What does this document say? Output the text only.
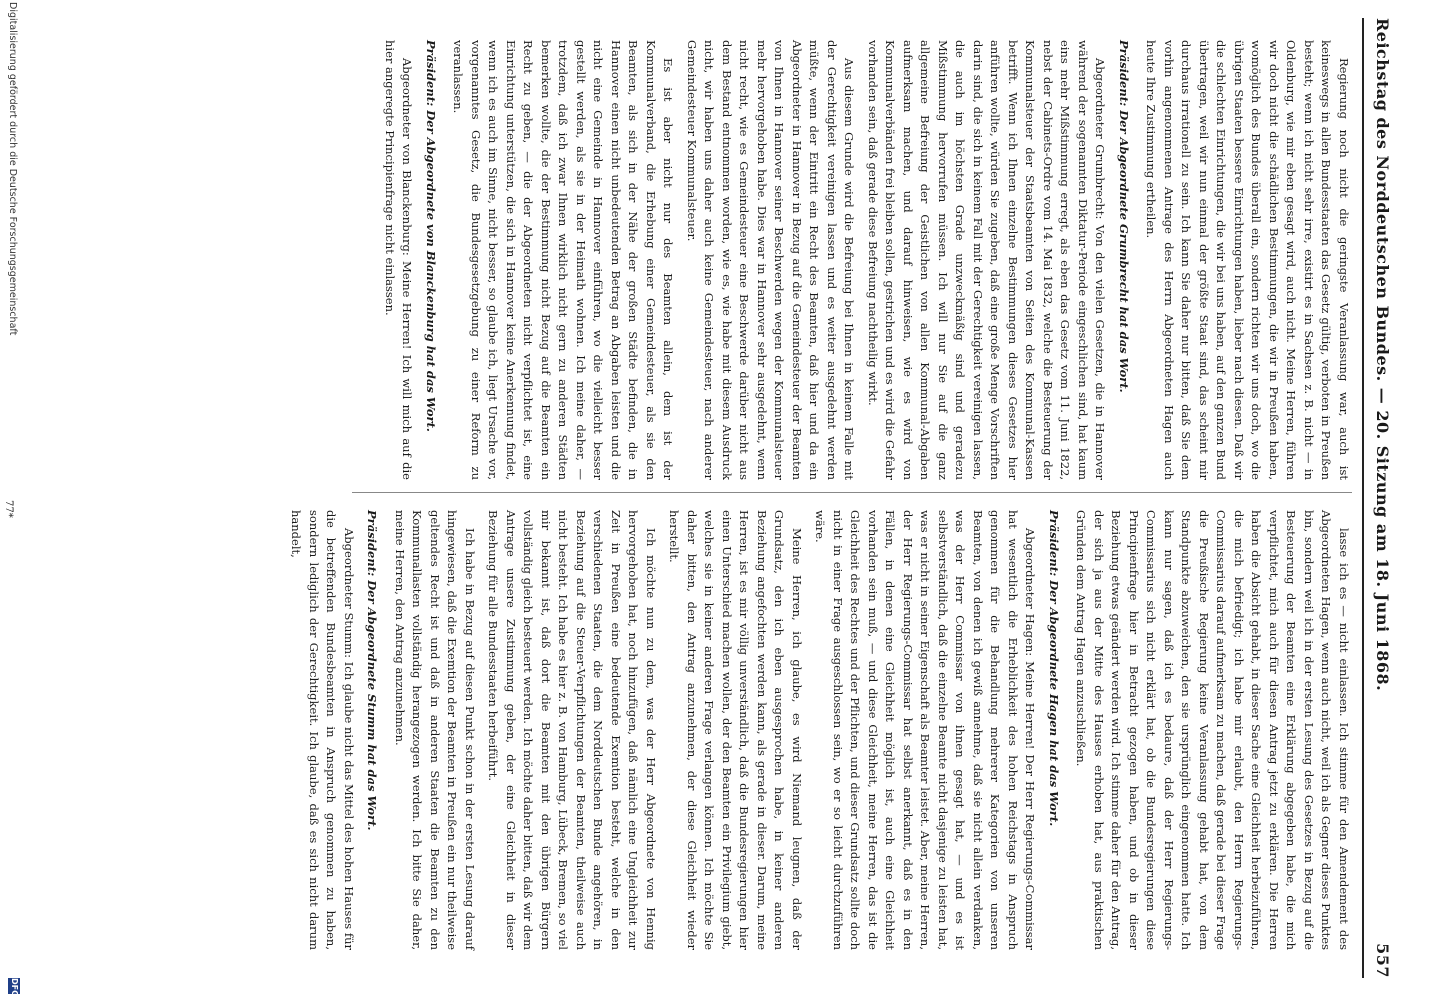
Reichstag des Norddeutschen Bundes. — 20. Sitzung am 18. Juni 1868.
557

Regierung noch nicht die geringste Veranlassung war, auch ist keineswegs in allen Bundesstaaten das Gesetz gültig, verboten in Preußen besteht; wenn ich nicht sehr irre, existirt es in Sachsen z. B. nicht — in Oldenburg, wie mir eben gesagt wird, auch nicht. Meine Herren, führen wir doch nicht die schädlichen Bestimmungen, die wir in Preußen haben, womöglich des Bundes überall ein, sondern richten wir uns doch, wo die übrigen Staaten bessere Einrichtungen haben, lieber nach diesen. Daß wir die schlechten Einrichtungen, die wir bei uns haben, auf den ganzen Bund übertragen, weil wir nun einmal der größte Staat sind, das scheint mir durchaus irrationell zu sein. Ich kann Sie daher nur bitten, daß Sie dem vorhin angenommenen Antrage des Herrn Abgeordneten Hagen auch heute Ihre Zustimmung ertheilen.

Präsident: Der Abgeordnete Grumbrecht hat das Wort.

Abgeordneter Grumbrecht: Von den vielen Gesetzen, die in Hannover während der sogenannten Diktatur-Periode eingeschlichen sind, hat kaum eins mehr Mißstimmung erregt, als eben das Gesetz vom 11. Juni 1822, nebst der Cabinets-Ordre vom 14. Mai 1832, welche die Besteuerung der Kommunalsteuer der Staatsbeamten von Seiten des Kommunal-Kassen betrifft. Wenn ich Ihnen einzelne Bestimmungen dieses Gesetzes hier anführen wollte, würden Sie zugeben, daß eine große Menge Vorschriften darin sind, die sich in keinem Fall mit der Gerechtigkeit vereinigen lassen, die auch im höchsten Grade unzweckmäßig sind und geradezu Mißstimmung hervorrufen müssen. Ich will nur Sie auf die ganz allgemeine Befreiung der Geistlichen von allen Kommunal-Abgaben aufmerksam machen, und darauf hinweisen, wie es wird von Kommunalverbänden frei bleiben sollen, gestrichen und es wird die Gefahr vorhanden sein, daß gerade diese Befreiung nachtheilig wirkt.

Aus diesem Grunde wird die Befreiung bei Ihnen in keinem Falle mit der Gerechtigkeit vereinigen lassen und es weiter ausgedehnt werden müßte, wenn der Eintritt ein Recht des Beamten, daß hier und da ein Abgeordneter in Hannover in Bezug auf die Gemeindesteuer der Beamten von Ihnen in Hannover seiner Beschwerden wegen der Kommunalsteuer mehr hervorgehoben habe. Dies war in Hannover sehr ausgedehnt, wenn nicht recht, wie es Gemeindesteuer eine Beschwerde darüber nicht aus dem Bestand entnommen worden, wie es, wie habe mit diesem Ausdruck nicht, wir haben uns daher auch keine Gemeindesteuer, nach anderer Gemeindesteuer Kommunalsteuer.

Es ist aber nicht nur des Beamten allein, dem ist der Kommunalverband, die Erhebung einer Gemeindesteuer, als sie den Beamten, als sich in der Nähe der großen Städte befinden, die in Hannover einen nicht unbedeutenden Betrag an Abgaben leisten und die nicht eine Gemeinde in Hannover einführen, wo die vielleicht besser gestellt werden, als sie in der Heimath wohnen. Ich meine daher, — trotzdem, daß ich zwar Ihnen wirklich nicht gern zu anderen Städten bemerken wollte, die der Bestimmung nicht Bezug auf die Beamten ein Recht zu geben, — die der Abgeordneten nicht verpflichtet ist, eine Einrichtung unterstützen, die sich in Hannover keine Anerkennung findet, wenn ich es auch im Sinne, nicht besser, so glaube ich, liegt Ursache vor, vorgenanntes Gesetz, die Bundesgesetzgebung zu einer Reform zu veranlassen.

Präsident: Der Abgeordnete von Blanckenburg hat das Wort.

Abgeordneter von Blanckenburg: Meine Herren! Ich will mich auf die hier angeregte Principienfrage nicht einlassen.

lasse ich es — nicht einlassen. Ich stimme für den Amendement des Abgeordneten Hagen, wenn auch nicht, weil ich als Gegner dieses Punktes bin, sondern weil ich in der ersten Lesung des Gesetzes in Bezug auf die Besteuerung der Beamten eine Erklärung abgegeben habe, die mich verpflichtet, mich auch für diesen Antrag jetzt zu erklären. Die Herren haben die Absicht gehabt, in dieser Sache eine Gleichheit herbeizuführen, die mich befriedigt; ich habe mir erlaubt, den Herrn Regierungs-Commissarius darauf aufmerksam zu machen, daß gerade bei dieser Frage die Preußische Regierung keine Veranlassung gehabt hat, von dem Standpunkte abzuweichen, den sie ursprünglich eingenommen hatte. Ich kann nur sagen, daß ich es bedaure, daß der Herr Regierungs-Commissarius sich nicht erklärt hat, ob die Bundesregierungen diese Principienfrage hier in Betracht gezogen haben, und ob in dieser Beziehung etwas geändert werden wird. Ich stimme daher für den Antrag, der sich ja aus der Mitte des Hauses erhoben hat, aus praktischen Gründen dem Antrag Hagen anzuschließen.

Präsident: Der Abgeordnete Hagen hat das Wort.

Abgeordneter Hagen: Meine Herren! Der Herr Regierungs-Commissar hat wesentlich die Erheblichkeit des hohen Reichstags in Anspruch genommen für die Behandlung mehrerer Kategorien von unseren Beamten, von denen ich gewiß annehme, daß sie nicht allein verdanken, was der Herr Commissar von ihnen gesagt hat, — und es ist selbstverständlich, daß die einzelne Beamte nicht dasjenige zu leisten hat, was er nicht in seiner Eigenschaft als Beamter leistet. Aber, meine Herren, der Herr Regierungs-Commissar hat selbst anerkannt, daß es in den Fällen, in denen eine Gleichheit möglich ist, auch eine Gleichheit vorhanden sein muß, — und diese Gleichheit, meine Herren, das ist die Gleichheit des Rechtes und der Pflichten, und dieser Grundsatz sollte doch nicht in einer Frage ausgeschlossen sein, wo er so leicht durchzuführen wäre.

Meine Herren, ich glaube, es wird Niemand leugnen, daß der Grundsatz, den ich eben ausgesprochen habe, in keiner anderen Beziehung angefochten werden kann, als gerade in dieser. Darum, meine Herren, ist es mir völlig unverständlich, daß die Bundesregierungen hier einen Unterschied machen wollen, der den Beamten ein Privilegium giebt, welches sie in keiner anderen Frage verlangen können. Ich möchte Sie daher bitten, den Antrag anzunehmen, der diese Gleichheit wieder herstellt.

Ich möchte nun zu dem, was der Herr Abgeordnete von Hennig hervorgehoben hat, noch hinzufügen, daß nämlich eine Ungleichheit zur Zeit in Preußen eine bedeutende Exemtion besteht, welche in den verschiedenen Staaten, die dem Norddeutschen Bunde angehören, in Beziehung auf die Steuer-Verpflichtungen der Beamten, theilweise auch nicht besteht. Ich habe es hier z. B. von Hamburg, Lübeck, Bremen, so viel mir bekannt ist, daß dort die Beamten mit den übrigen Bürgern vollständig gleich besteuert werden. Ich möchte daher bitten, daß wir dem Antrage unsere Zustimmung geben, der eine Gleichheit in dieser Beziehung für alle Bundesstaaten herbeiführt.

Ich habe in Bezug auf diesen Punkt schon in der ersten Lesung darauf hingewiesen, daß die Exemtion der Beamten in Preußen ein nur theilweise geltendes Recht ist und daß in anderen Staaten die Beamten zu den Kommunallasten vollständig herangezogen werden. Ich bitte Sie daher, meine Herren, den Antrag anzunehmen.

Präsident: Der Abgeordnete Stumm hat das Wort.

Abgeordneter Stumm: Ich glaube nicht das Mittel des hohen Hauses für die betreffenden Bundesbeamten in Anspruch genommen zu haben, sondern lediglich der Gerechtigkeit. Ich glaube, daß es sich nicht darum handelt,

77*
Digitalisierung gefördert durch die Deutsche Forschungsgemeinschaft
DFG
